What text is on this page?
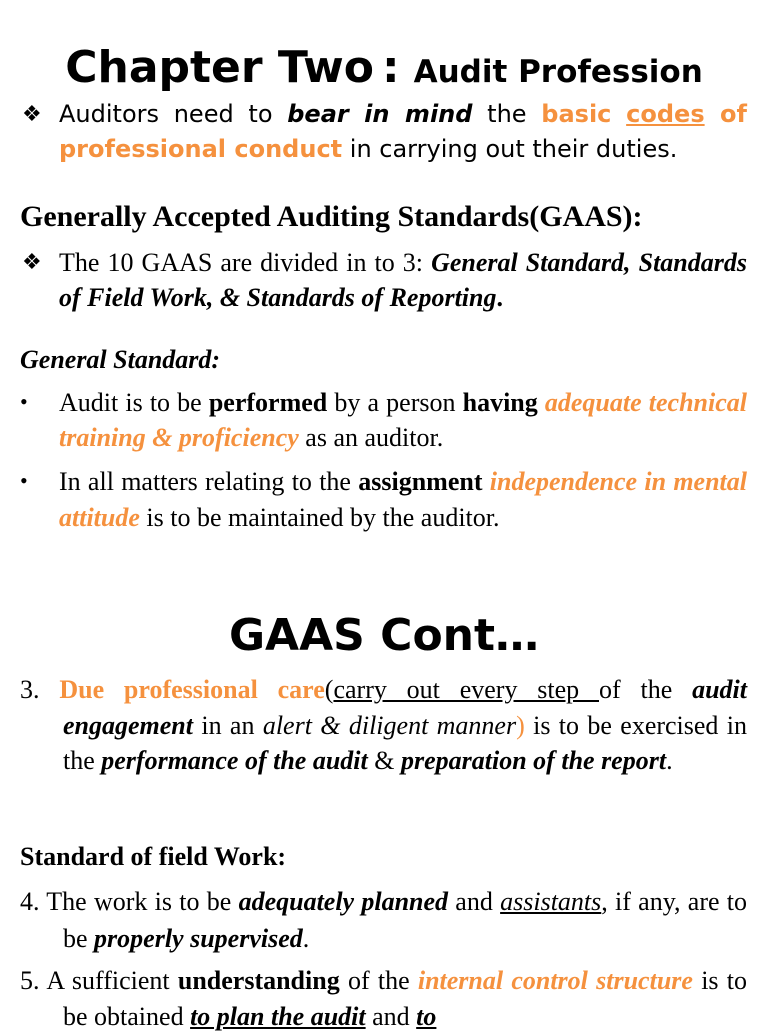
Chapter Two : Audit Profession
❖ Auditors need to bear in mind the basic codes of professional conduct in carrying out their duties.
Generally Accepted Auditing Standards(GAAS):
❖ The 10 GAAS are divided in to 3: General Standard, Standards of Field Work, & Standards of Reporting.
General Standard:
• Audit is to be performed by a person having adequate technical training & proficiency as an auditor.
• In all matters relating to the assignment independence in mental attitude is to be maintained by the auditor.
GAAS Cont…
3. Due professional care(carry out every step of the audit engagement in an alert & diligent manner) is to be exercised in the performance of the audit & preparation of the report.
Standard of field Work:
4. The work is to be adequately planned and assistants, if any, are to be properly supervised.
5. A sufficient understanding of the internal control structure is to be obtained to plan the audit and to
